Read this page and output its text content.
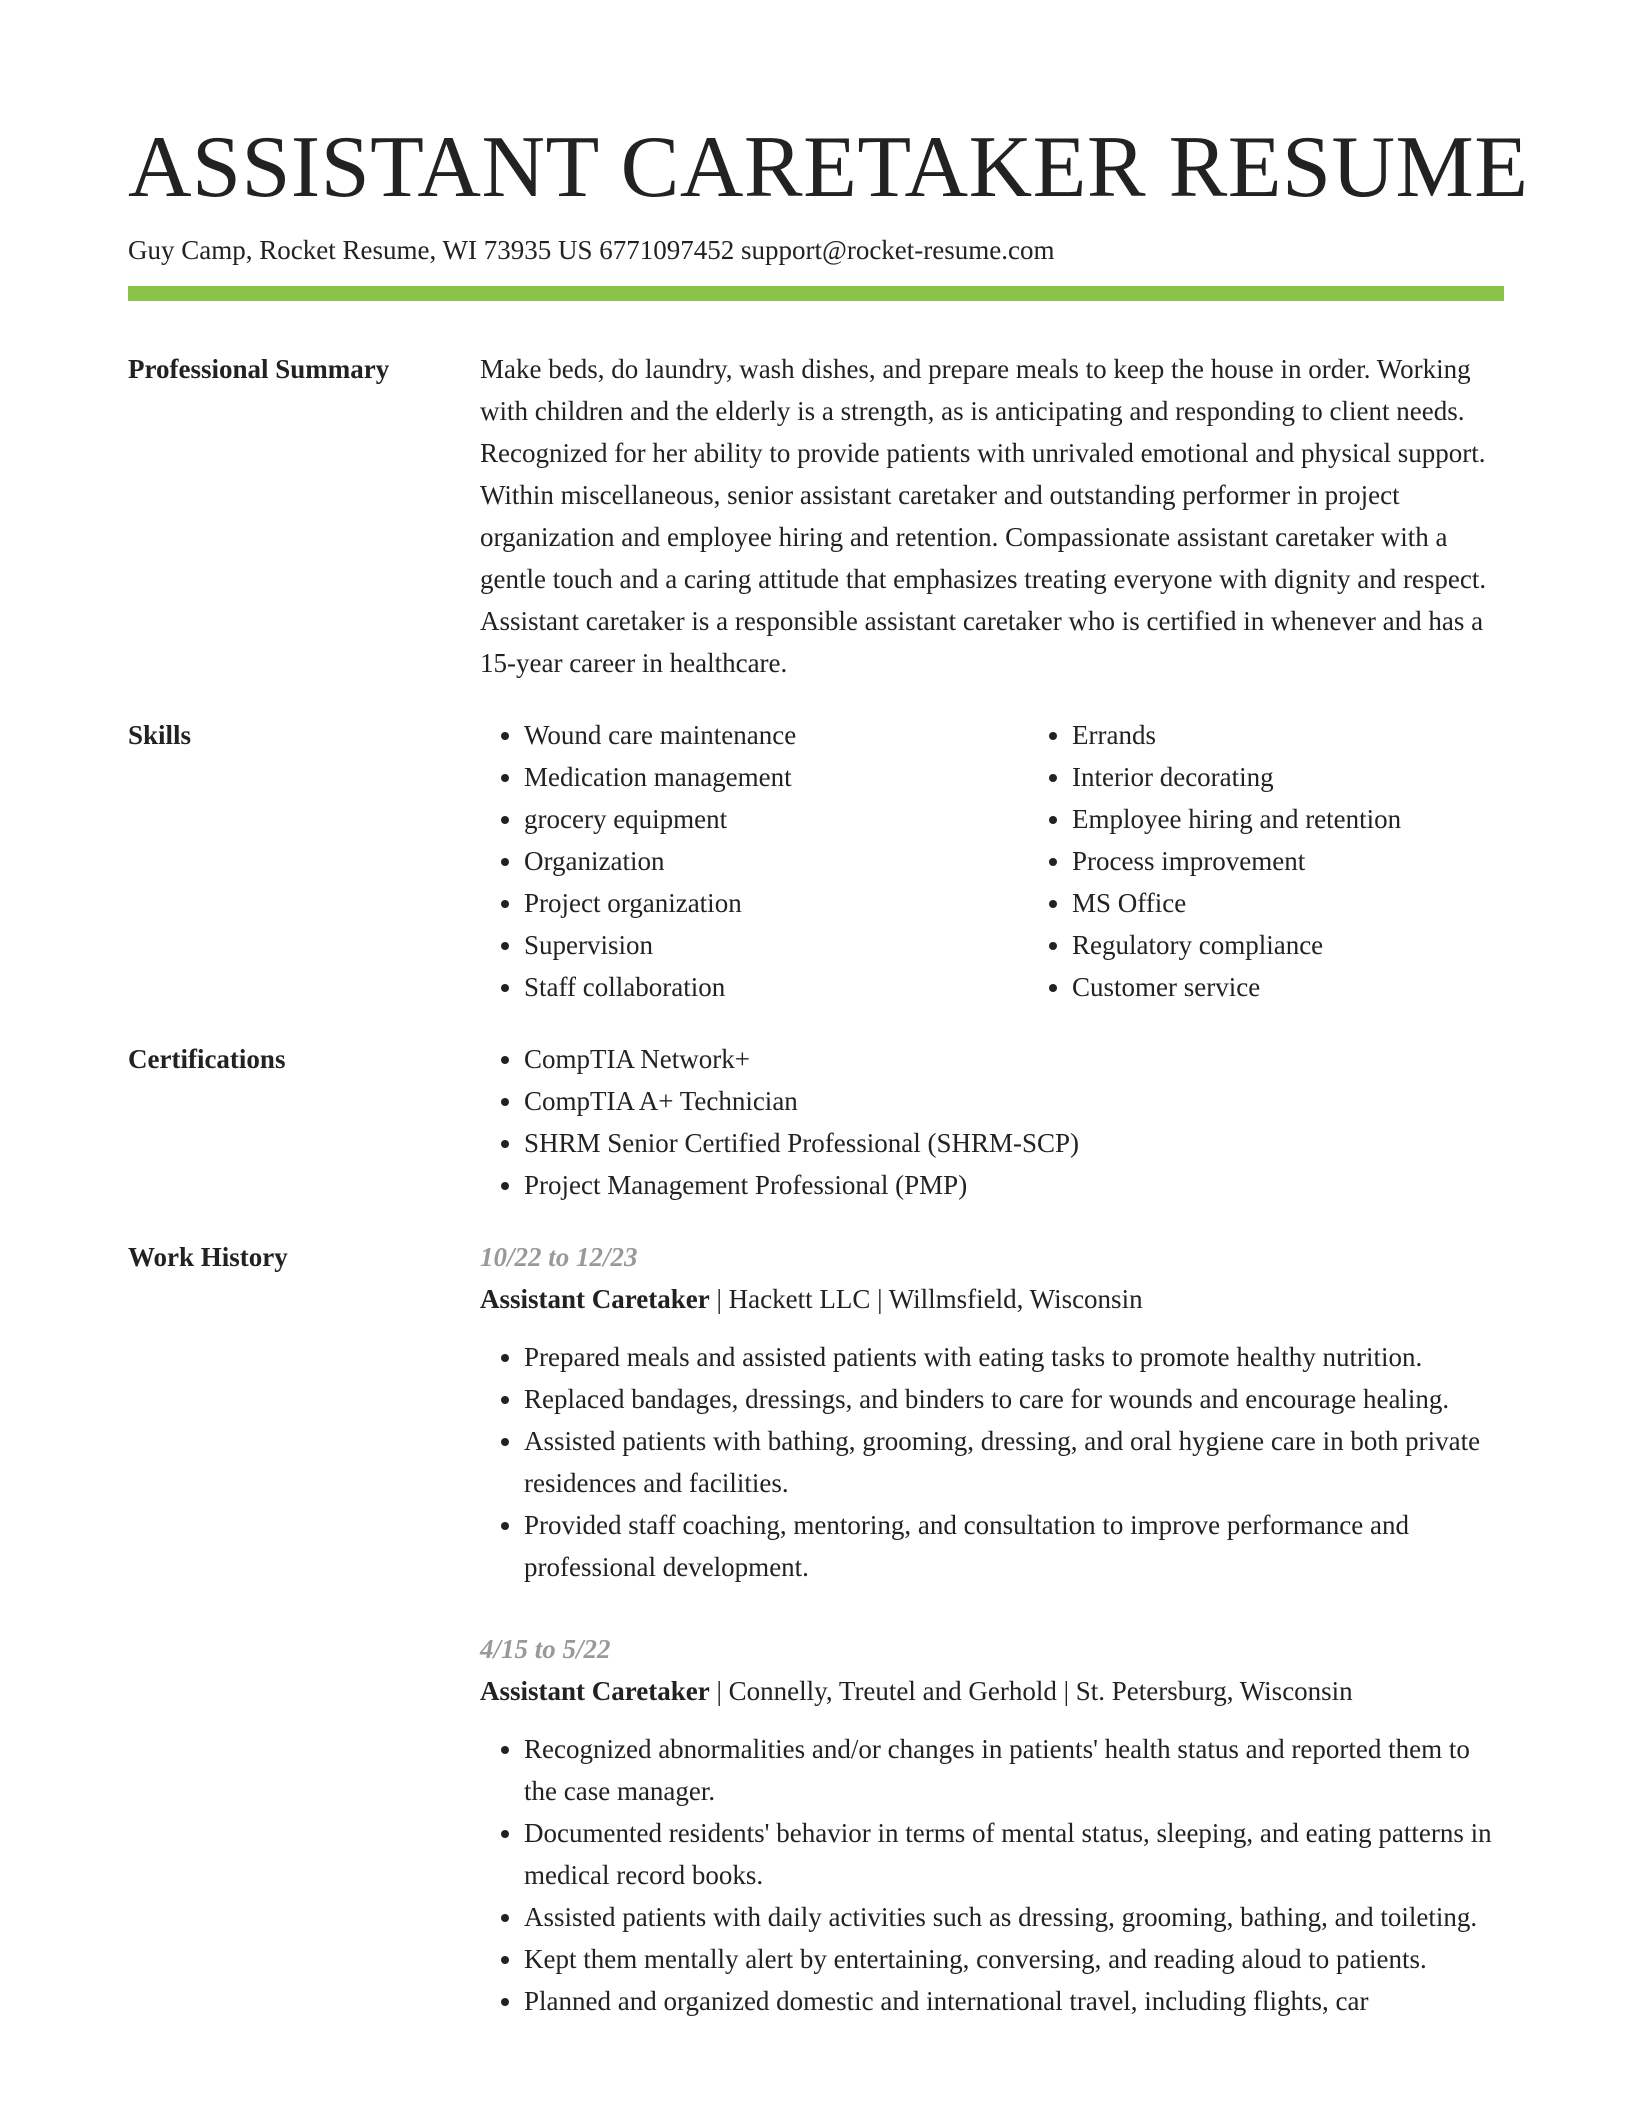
ASSISTANT CARETAKER RESUME
Guy Camp, Rocket Resume, WI 73935 US 6771097452 support@rocket-resume.com
Professional Summary	Make beds, do laundry, wash dishes, and prepare meals to keep the house in order. Working with children and the elderly is a strength, as is anticipating and responding to client needs. Recognized for her ability to provide patients with unrivaled emotional and physical support. Within miscellaneous, senior assistant caretaker and outstanding performer in project organization and employee hiring and retention. Compassionate assistant caretaker with a gentle touch and a caring attitude that emphasizes treating everyone with dignity and respect. Assistant caretaker is a responsible assistant caretaker who is certified in whenever and has a 15-year career in healthcare.

Skills	• Wound care maintenance
• Medication management
• grocery equipment
• Organization
• Project organization
• Supervision
• Staff collaboration
• Errands
• Interior decorating
• Employee hiring and retention
• Process improvement
• MS Office
• Regulatory compliance
• Customer service
Certifications	• CompTIA Network+
• CompTIA A+ Technician
• SHRM Senior Certified Professional (SHRM-SCP)
• Project Management Professional (PMP)
Work History	10/22 to 12/23
Assistant Caretaker | Hackett LLC | Willmsfield, Wisconsin
• Prepared meals and assisted patients with eating tasks to promote healthy nutrition.
• Replaced bandages, dressings, and binders to care for wounds and encourage healing.
• Assisted patients with bathing, grooming, dressing, and oral hygiene care in both private residences and facilities.
• Provided staff coaching, mentoring, and consultation to improve performance and professional development.
4/15 to 5/22
Assistant Caretaker | Connelly, Treutel and Gerhold | St. Petersburg, Wisconsin
• Recognized abnormalities and/or changes in patients' health status and reported them to the case manager.
• Documented residents' behavior in terms of mental status, sleeping, and eating patterns in medical record books.
• Assisted patients with daily activities such as dressing, grooming, bathing, and toileting.
• Kept them mentally alert by entertaining, conversing, and reading aloud to patients.
• Planned and organized domestic and international travel, including flights, car
